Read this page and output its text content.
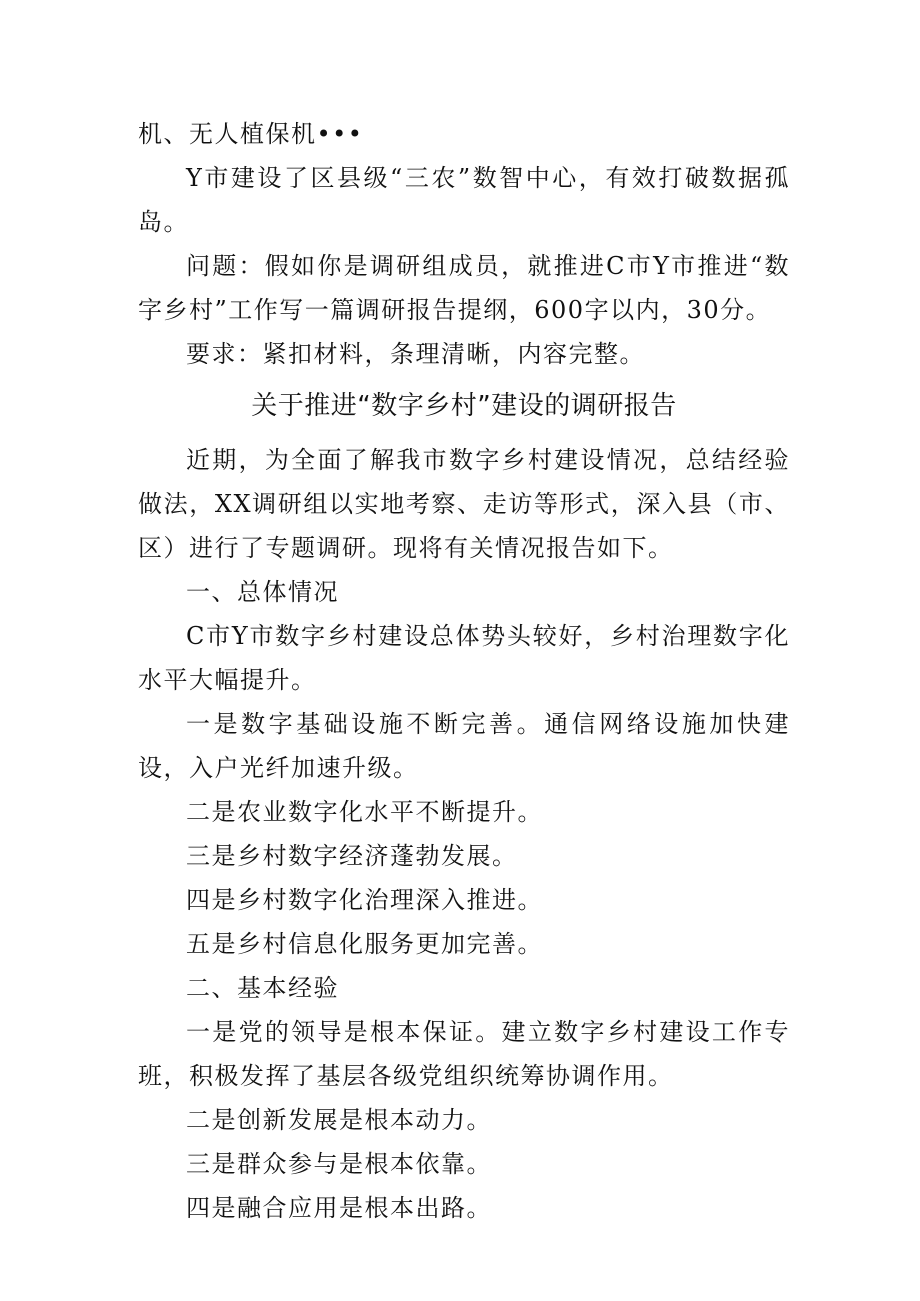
机、无人植保机•••

Y市建设了区县级“三农”数智中心，有效打破数据孤岛。

问题：假如你是调研组成员，就推进C市Y市推进“数字乡村”工作写一篇调研报告提纲，600字以内，30分。

要求：紧扣材料，条理清晰，内容完整。

关于推进“数字乡村”建设的调研报告

近期，为全面了解我市数字乡村建设情况，总结经验做法，XX调研组以实地考察、走访等形式，深入县（市、区）进行了专题调研。现将有关情况报告如下。

一、总体情况

C市Y市数字乡村建设总体势头较好，乡村治理数字化水平大幅提升。

一是数字基础设施不断完善。通信网络设施加快建设，入户光纤加速升级。

二是农业数字化水平不断提升。

三是乡村数字经济蓬勃发展。

四是乡村数字化治理深入推进。

五是乡村信息化服务更加完善。

二、基本经验

一是党的领导是根本保证。建立数字乡村建设工作专班，积极发挥了基层各级党组织统筹协调作用。

二是创新发展是根本动力。

三是群众参与是根本依靠。

四是融合应用是根本出路。
